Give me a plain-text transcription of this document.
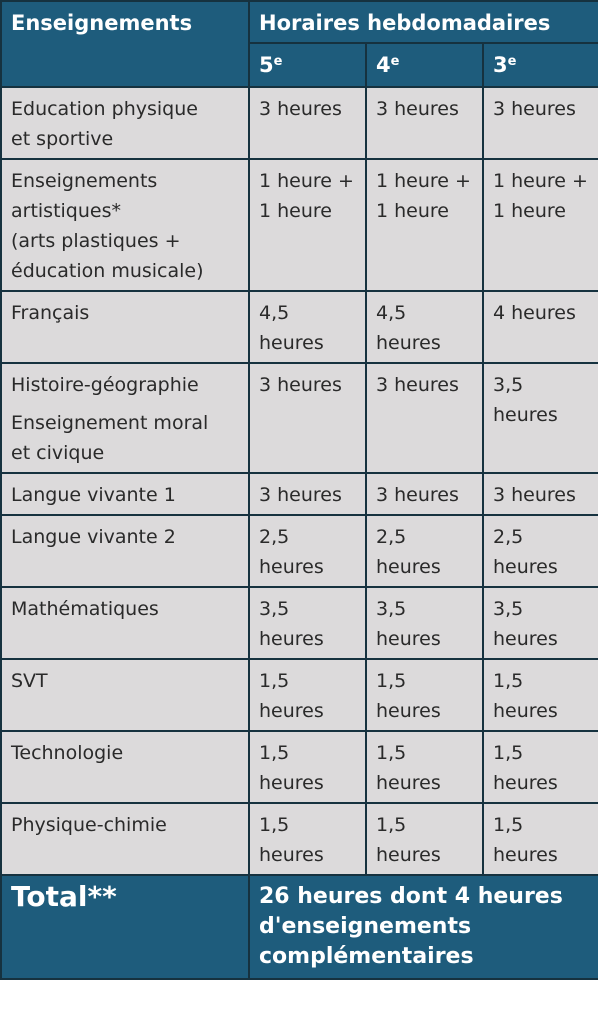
Enseignements	Horaires hebdomadaires		
	5e	4e	3e

Education physique
et sportive	3 heures	3 heures	3 heures

Enseignements
artistiques*
(arts plastiques +
éducation musicale)	1 heure + 1 heure	1 heure + 1 heure	1 heure + 1 heure

Français	4,5 heures	4,5 heures	4 heures

Histoire-géographie
Enseignement moral
et civique	3 heures	3 heures	3,5 heures

Langue vivante 1	3 heures	3 heures	3 heures

Langue vivante 2	2,5 heures	2,5 heures	2,5 heures

Mathématiques	3,5 heures	3,5 heures	3,5 heures

SVT	1,5 heures	1,5 heures	1,5 heures

Technologie	1,5 heures	1,5 heures	1,5 heures

Physique-chimie	1,5 heures	1,5 heures	1,5 heures
Total**	26 heures dont 4 heures d'enseignements complémentaires		
